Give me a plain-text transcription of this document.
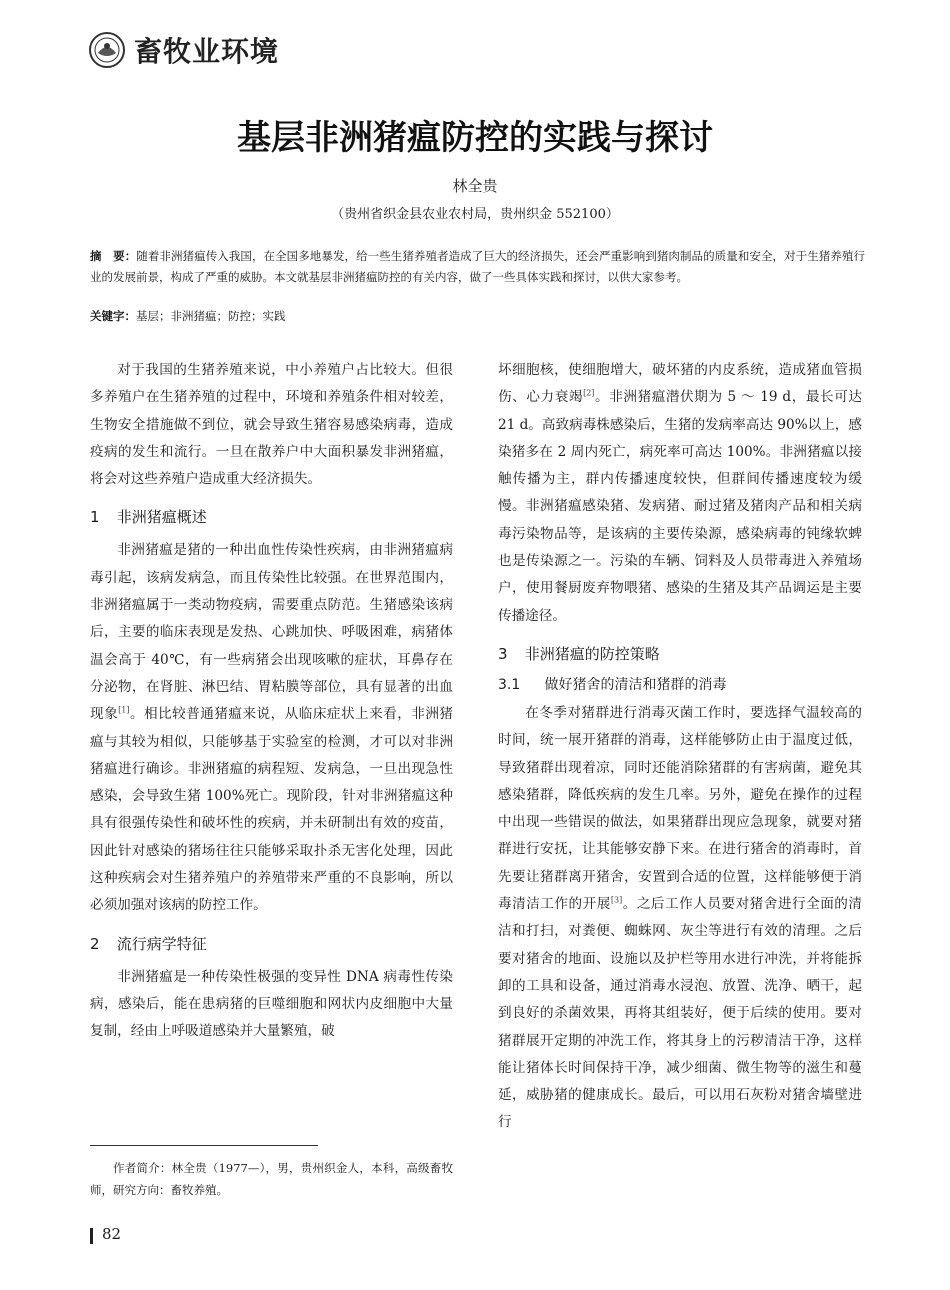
畜牧业环境
基层非洲猪瘟防控的实践与探讨
林全贵
（贵州省织金县农业农村局，贵州织金 552100）
摘　要：随着非洲猪瘟传入我国，在全国多地暴发，给一些生猪养殖者造成了巨大的经济损失，还会严重影响到猪肉制品的质量和安全，对于生猪养殖行业的发展前景，构成了严重的威胁。本文就基层非洲猪瘟防控的有关内容，做了一些具体实践和探讨，以供大家参考。
关键字：基层；非洲猪瘟；防控；实践

对于我国的生猪养殖来说，中小养殖户占比较大。但很多养殖户在生猪养殖的过程中，环境和养殖条件相对较差，生物安全措施做不到位，就会导致生猪容易感染病毒，造成疫病的发生和流行。一旦在散养户中大面积暴发非洲猪瘟，将会对这些养殖户造成重大经济损失。

1 非洲猪瘟概述

非洲猪瘟是猪的一种出血性传染性疾病，由非洲猪瘟病毒引起，该病发病急，而且传染性比较强。在世界范围内，非洲猪瘟属于一类动物疫病，需要重点防范。生猪感染该病后，主要的临床表现是发热、心跳加快、呼吸困难，病猪体温会高于 40℃，有一些病猪会出现咳嗽的症状，耳鼻存在分泌物，在肾脏、淋巴结、胃粘膜等部位，具有显著的出血现象[1]。相比较普通猪瘟来说，从临床症状上来看，非洲猪瘟与其较为相似，只能够基于实验室的检测，才可以对非洲猪瘟进行确诊。非洲猪瘟的病程短、发病急，一旦出现急性感染，会导致生猪 100%死亡。现阶段，针对非洲猪瘟这种具有很强传染性和破坏性的疾病，并未研制出有效的疫苗，因此针对感染的猪场往往只能够采取扑杀无害化处理，因此这种疾病会对生猪养殖户的养殖带来严重的不良影响，所以必须加强对该病的防控工作。

2 流行病学特征

非洲猪瘟是一种传染性极强的变异性 DNA 病毒性传染病，感染后，能在患病猪的巨噬细胞和网状内皮细胞中大量复制，经由上呼吸道感染并大量繁殖，破

坏细胞核，使细胞增大，破坏猪的内皮系统，造成猪血管损伤、心力衰竭[2]。非洲猪瘟潜伏期为 5 ～ 19 d，最长可达 21 d。高致病毒株感染后，生猪的发病率高达 90%以上，感染猪多在 2 周内死亡，病死率可高达 100%。非洲猪瘟以接触传播为主，群内传播速度较快，但群间传播速度较为缓慢。非洲猪瘟感染猪、发病猪、耐过猪及猪肉产品和相关病毒污染物品等，是该病的主要传染源，感染病毒的钝缘软蜱也是传染源之一。污染的车辆、饲料及人员带毒进入养殖场户，使用餐厨废弃物喂猪、感染的生猪及其产品调运是主要传播途径。

3 非洲猪瘟的防控策略
3.1 做好猪舍的清洁和猪群的消毒

在冬季对猪群进行消毒灭菌工作时，要选择气温较高的时间，统一展开猪群的消毒，这样能够防止由于温度过低，导致猪群出现着凉，同时还能消除猪群的有害病菌，避免其感染猪群，降低疾病的发生几率。另外，避免在操作的过程中出现一些错误的做法，如果猪群出现应急现象，就要对猪群进行安抚，让其能够安静下来。在进行猪舍的消毒时，首先要让猪群离开猪舍，安置到合适的位置，这样能够便于消毒清洁工作的开展[3]。之后工作人员要对猪舍进行全面的清洁和打扫，对粪便、蜘蛛网、灰尘等进行有效的清理。之后要对猪舍的地面、设施以及护栏等用水进行冲洗，并将能拆卸的工具和设备，通过消毒水浸泡、放置、洗净、晒干，起到良好的杀菌效果，再将其组装好，便于后续的使用。要对猪群展开定期的冲洗工作，将其身上的污秽清洁干净，这样能让猪体长时间保持干净，减少细菌、微生物等的滋生和蔓延，威胁猪的健康成长。最后，可以用石灰粉对猪舍墙壁进行

作者简介：林全贵（1977—），男，贵州织金人，本科，高级畜牧师，研究方向：畜牧养殖。
82
